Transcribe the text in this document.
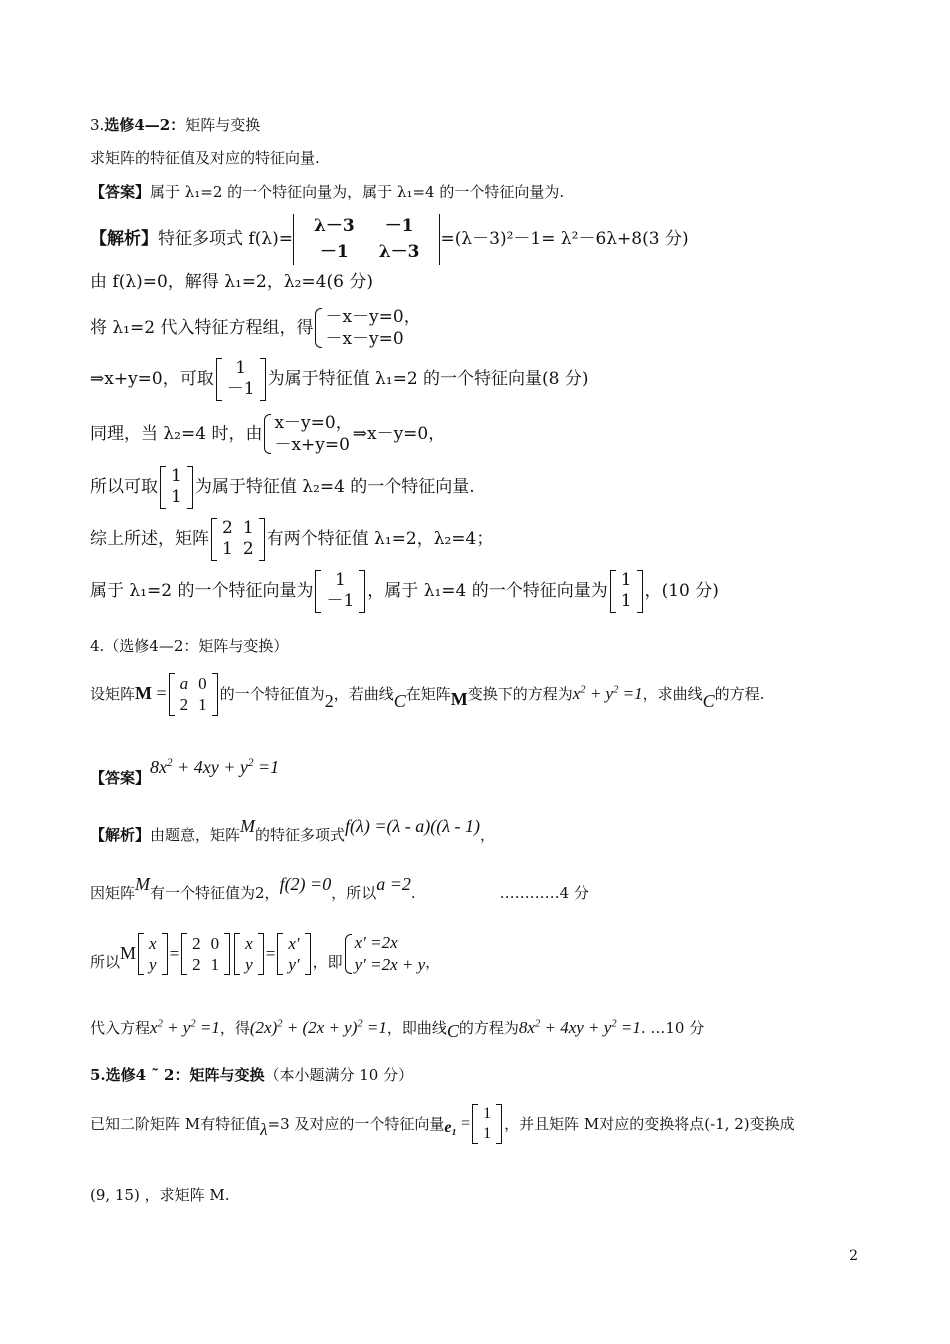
3.选修4—2：矩阵与变换
求矩阵的特征值及对应的特征向量.
【答案】属于 λ₁=2 的一个特征向量为，属于 λ₁=4 的一个特征向量为.
【解析】特征多项式 f(λ)=
λ－3	－1
－1	λ－3
=(λ－3)²－1= λ²－6λ+8(3 分)
由 f(λ)=0，解得 λ₁=2，λ₂=4(6 分)
将 λ₁=2 代入特征方程组，得
－x－y=0，
－x－y=0
⇒x+y=0，可取
1
－1
为属于特征值 λ₁=2 的一个特征向量(8 分)
同理，当 λ₂=4 时，由
x－y=0，
－x+y=0
⇒x－y=0，
所以可取
1
1
为属于特征值 λ₂=4 的一个特征向量.
综上所述，矩阵
2	1
1	2
有两个特征值 λ₁=2，λ₂=4；
属于 λ₁=2 的一个特征向量为
1
－1
，属于 λ₁=4 的一个特征向量为
1
1
，(10 分)
4.（选修4—2：矩阵与变换）
设矩阵M = a	0
2	1
的一个特征值为2，若曲线C在矩阵M变换下的方程为$x^2 + y^2 =1$，求曲线C的方程.
【答案】$8x^2 + 4xy + y^2 =1$
【解析】由题意，矩阵M的特征多项式f(λ) =(λ - a)((λ - 1)，
因矩阵M有一个特征值为2，f(2) =0，所以a =2.	…………4 分
所以M x
y
=
2	0
2	1
x
y
=
x′
y′ ，即
x′ =2x
y′ =2x + y ，
代入方程$x^2 + y^2 =1$，得$(2x)^2 + (2x + y)^2 =1$，即曲线C的方程为$8x^2 + 4xy + y^2 =1$. …10 分
5.选修4 ˜ 2：矩阵与变换（本小题满分 10 分）
已知二阶矩阵 M有特征值λ=3 及对应的一个特征向量e₁ =
1
1
，并且矩阵 M对应的变换将点(-1, 2)变换成
(9, 15) ，求矩阵 M.
2
